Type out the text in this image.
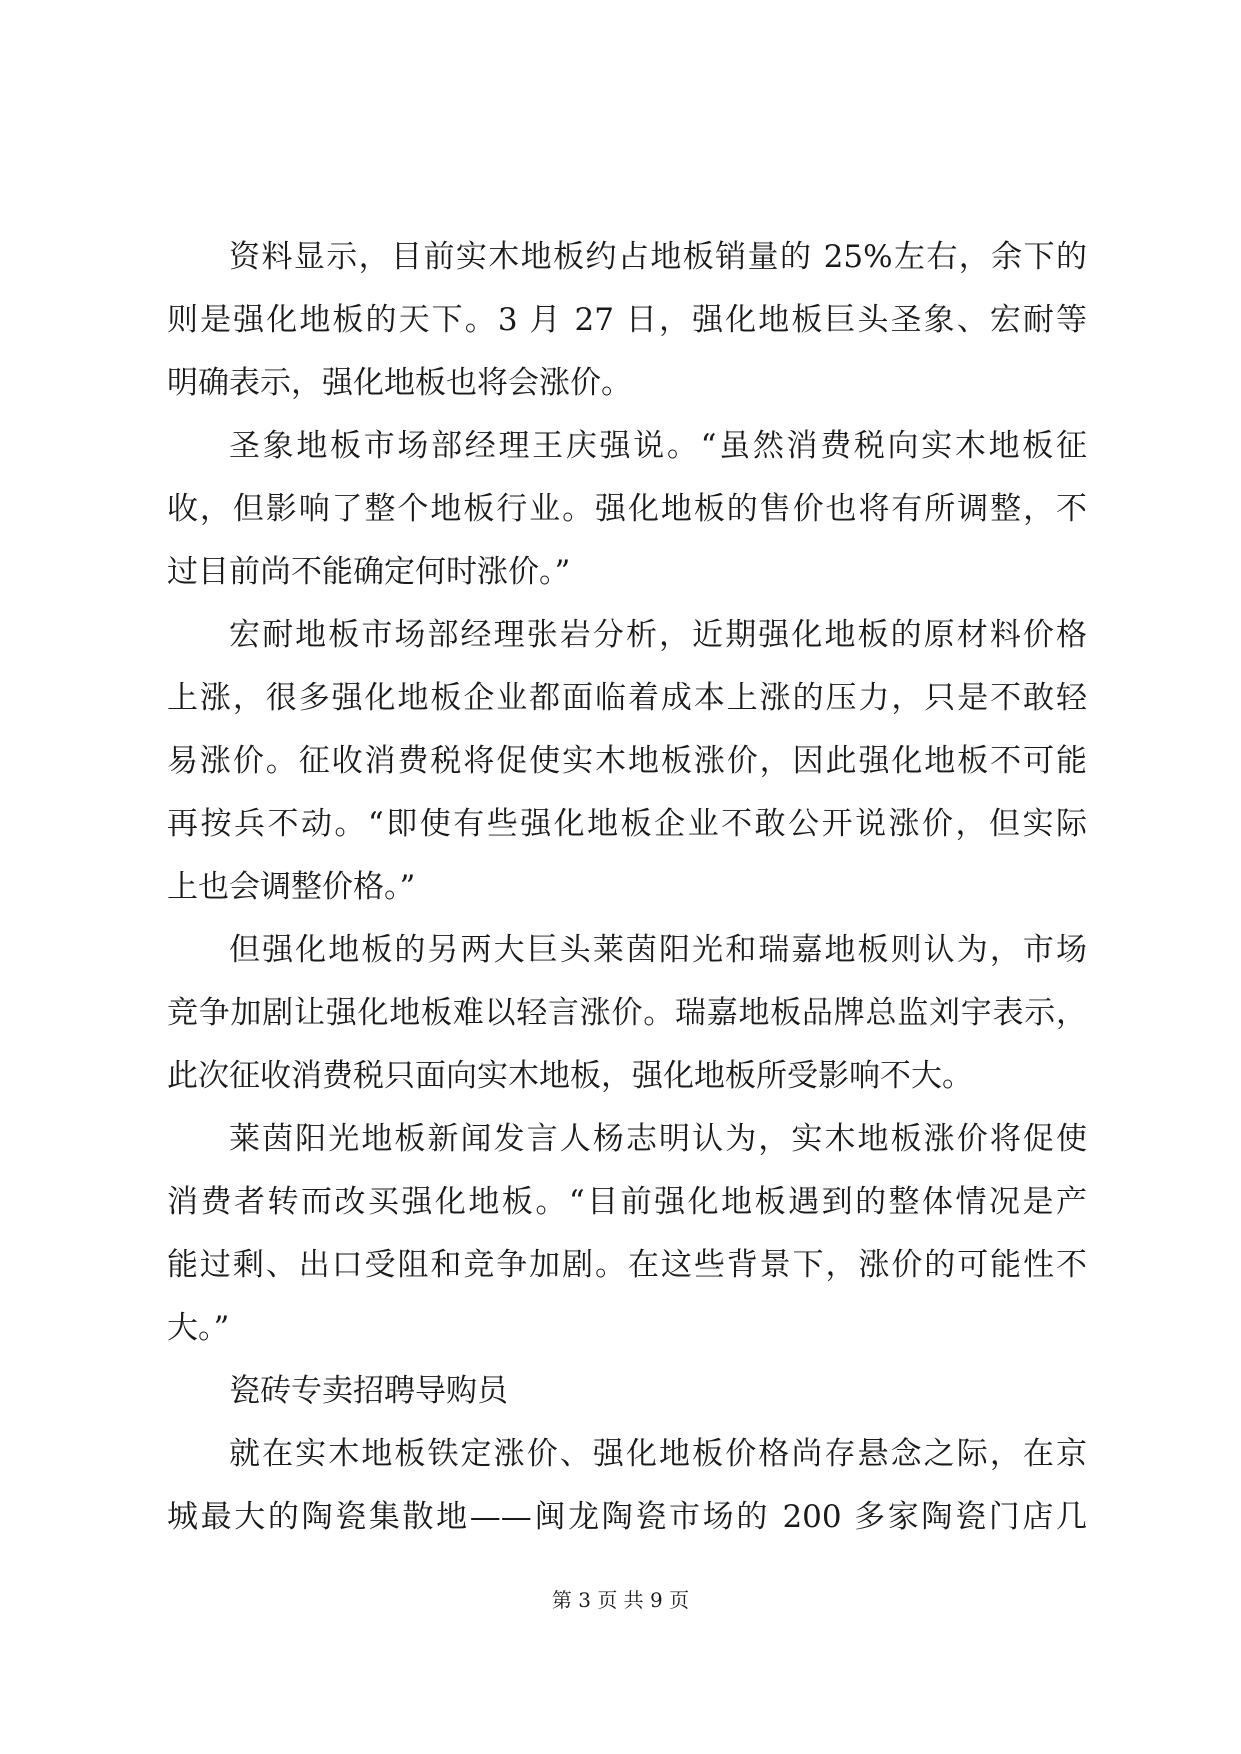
资料显示，目前实木地板约占地板销量的 25%左右，余下的
则是强化地板的天下。3 月 27 日，强化地板巨头圣象、宏耐等
明确表示，强化地板也将会涨价。
圣象地板市场部经理王庆强说。“虽然消费税向实木地板征
收，但影响了整个地板行业。强化地板的售价也将有所调整，不
过目前尚不能确定何时涨价。”
宏耐地板市场部经理张岩分析，近期强化地板的原材料价格
上涨，很多强化地板企业都面临着成本上涨的压力，只是不敢轻
易涨价。征收消费税将促使实木地板涨价，因此强化地板不可能
再按兵不动。“即使有些强化地板企业不敢公开说涨价，但实际
上也会调整价格。”
但强化地板的另两大巨头莱茵阳光和瑞嘉地板则认为，市场
竞争加剧让强化地板难以轻言涨价。瑞嘉地板品牌总监刘宇表示，
此次征收消费税只面向实木地板，强化地板所受影响不大。
莱茵阳光地板新闻发言人杨志明认为，实木地板涨价将促使
消费者转而改买强化地板。“目前强化地板遇到的整体情况是产
能过剩、出口受阻和竞争加剧。在这些背景下，涨价的可能性不
大。”
瓷砖专卖招聘导购员
就在实木地板铁定涨价、强化地板价格尚存悬念之际，在京
城最大的陶瓷集散地——闽龙陶瓷市场的 200 多家陶瓷门店几
第 3 页 共 9 页
